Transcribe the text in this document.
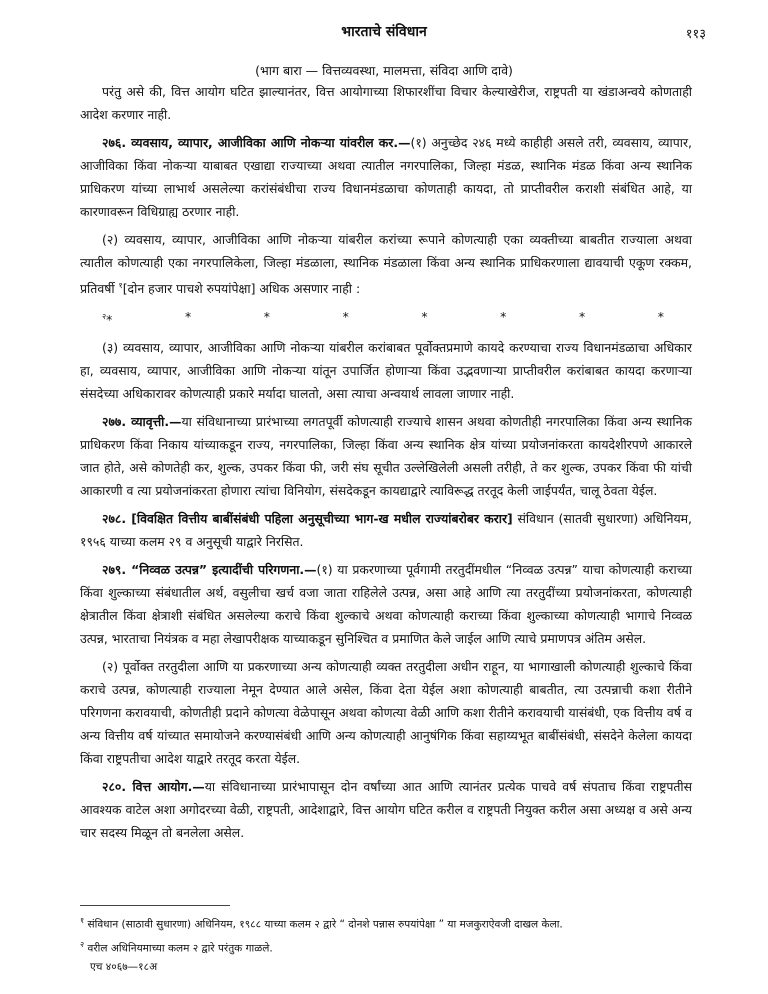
भारताचे संविधान	११३
(भाग बारा — वित्तव्यवस्था, मालमत्ता, संविदा आणि दावे)

परंतु असे की, वित्त आयोग घटित झाल्यानंतर, वित्त आयोगाच्या शिफारशींचा विचार केल्याखेरीज, राष्ट्रपती या खंडाअन्वये कोणताही आदेश करणार नाही.

२७६. व्यवसाय, व्यापार, आजीविका आणि नोकऱ्या यांवरील कर.—(१) अनुच्छेद २४६ मध्ये काहीही असले तरी, व्यवसाय, व्यापार, आजीविका किंवा नोकऱ्या याबाबत एखाद्या राज्याच्या अथवा त्यातील नगरपालिका, जिल्हा मंडळ, स्थानिक मंडळ किंवा अन्य स्थानिक प्राधिकरण यांच्या लाभार्थ असलेल्या करांसंबंधीचा राज्य विधानमंडळाचा कोणताही कायदा, तो प्राप्तीवरील कराशी संबंधित आहे, या कारणावरून विधिग्राह्य ठरणार नाही.

(२) व्यवसाय, व्यापार, आजीविका आणि नोकऱ्या यांबरील करांच्या रूपाने कोणत्याही एका व्यक्तीच्या बाबतीत राज्याला अथवा त्यातील कोणत्याही एका नगरपालिकेला, जिल्हा मंडळाला, स्थानिक मंडळाला किंवा अन्य स्थानिक प्राधिकरणाला द्यावयाची एकूण रक्कम, प्रतिवर्षी $^१$[दोन हजार पाचशे रुपयांपेक्षा] अधिक असणार नाही :

$^२$*	*	*	*	*	*	*	*

(३) व्यवसाय, व्यापार, आजीविका आणि नोकऱ्या यांबरील करांबाबत पूर्वोक्तप्रमाणे कायदे करण्याचा राज्य विधानमंडळाचा अधिकार हा, व्यवसाय, व्यापार, आजीविका आणि नोकऱ्या यांतून उपार्जित होणाऱ्या किंवा उद्भवणाऱ्या प्राप्तीवरील करांबाबत कायदा करणाऱ्या संसदेच्या अधिकारावर कोणत्याही प्रकारे मर्यादा घालतो, असा त्याचा अन्वयार्थ लावला जाणार नाही.

२७७. व्यावृत्ती.—या संविधानाच्या प्रारंभाच्या लगतपूर्वी कोणत्याही राज्याचे शासन अथवा कोणतीही नगरपालिका किंवा अन्य स्थानिक प्राधिकरण किंवा निकाय यांच्याकडून राज्य, नगरपालिका, जिल्हा किंवा अन्य स्थानिक क्षेत्र यांच्या प्रयोजनांकरता कायदेशीरपणे आकारले जात होते, असे कोणतेही कर, शुल्क, उपकर किंवा फी, जरी संघ सूचीत उल्लेखिलेली असली तरीही, ते कर शुल्क, उपकर किंवा फी यांची आकारणी व त्या प्रयोजनांकरता होणारा त्यांचा विनियोग, संसदेकडून कायद्याद्वारे त्याविरूद्ध तरतूद केली जाईपर्यंत, चालू ठेवता येईल.

२७८. [विवक्षित वित्तीय बाबींसंबंधी पहिला अनुसूचीच्या भाग-ख मधील राज्यांबरोबर करार] संविधान (सातवी सुधारणा) अधिनियम, १९५६ याच्या कलम २९ व अनुसूची याद्वारे निरसित.

२७९. “निव्वळ उत्पन्न” इत्यादींची परिगणना.—(१) या प्रकरणाच्या पूर्वगामी तरतुदींमधील “निव्वळ उत्पन्न” याचा कोणत्याही कराच्या किंवा शुल्काच्या संबंधातील अर्थ, वसुलीचा खर्च वजा जाता राहिलेले उत्पन्न, असा आहे आणि त्या तरतुदींच्या प्रयोजनांकरता, कोणत्याही क्षेत्रातील किंवा क्षेत्राशी संबंधित असलेल्या कराचे किंवा शुल्काचे अथवा कोणत्याही कराच्या किंवा शुल्काच्या कोणत्याही भागाचे निव्वळ उत्पन्न, भारताचा नियंत्रक व महा लेखापरीक्षक याच्याकडून सुनिश्चित व प्रमाणित केले जाईल आणि त्याचे प्रमाणपत्र अंतिम असेल.

(२) पूर्वोक्त तरतुदीला आणि या प्रकरणाच्या अन्य कोणत्याही व्यक्त तरतुदीला अधीन राहून, या भागाखाली कोणत्याही शुल्काचे किंवा कराचे उत्पन्न, कोणत्याही राज्याला नेमून देण्यात आले असेल, किंवा देता येईल अशा कोणत्याही बाबतीत, त्या उत्पन्नाची कशा रीतीने परिगणना करावयाची, कोणतीही प्रदाने कोणत्या वेळेपासून अथवा कोणत्या वेळी आणि कशा रीतीने करावयाची यासंबंधी, एक वित्तीय वर्ष व अन्य वित्तीय वर्ष यांच्यात समायोजने करण्यासंबंधी आणि अन्य कोणत्याही आनुषंगिक किंवा सहाय्यभूत बाबींसंबंधी, संसदेने केलेला कायदा किंवा राष्ट्रपतीचा आदेश याद्वारे तरतूद करता येईल.

२८०. वित्त आयोग.—या संविधानाच्या प्रारंभापासून दोन वर्षांच्या आत आणि त्यानंतर प्रत्येक पाचवे वर्ष संपताच किंवा राष्ट्रपतीस आवश्यक वाटेल अशा अगोदरच्या वेळी, राष्ट्रपती, आदेशाद्वारे, वित्त आयोग घटित करील व राष्ट्रपती नियुक्त करील असा अध्यक्ष व असे अन्य चार सदस्य मिळून तो बनलेला असेल.

$^१$ संविधान (साठावी सुधारणा) अधिनियम, १९८८ याच्या कलम २ द्वारे “ दोनशे पन्नास रुपयांपेक्षा ” या मजकुराऐवजी दाखल केला.
$^२$ वरील अधिनियमाच्या कलम २ द्वारे परंतुक गाळले.
एच ४०६७—१८अ
